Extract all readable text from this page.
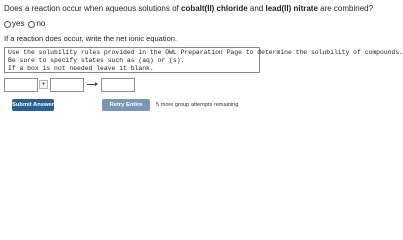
Does a reaction occur when aqueous solutions of cobalt(II) chloride and lead(II) nitrate are combined?
yes no
If a reaction does occur, write the net ionic equation.
Use the solubility rules provided in the OWL Preparation Page to determine the solubility of compounds.
Be sure to specify states such as (aq) or (s).
If a box is not needed leave it blank.
+
Submit Answer	Retry Entire Group
5 more group attempts remaining
